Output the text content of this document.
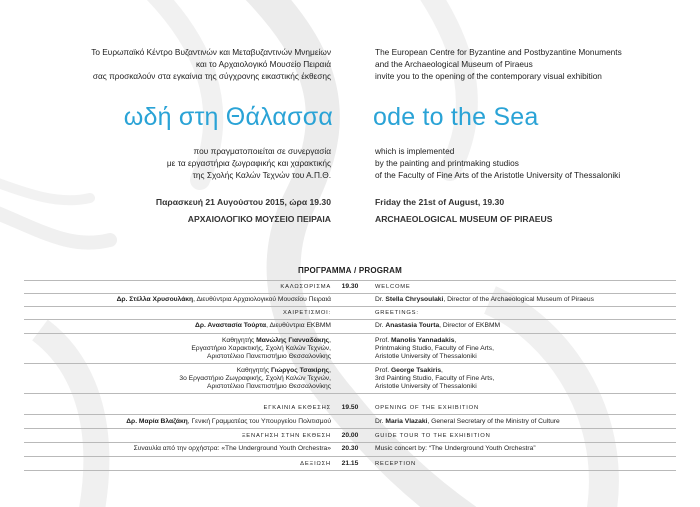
Το Ευρωπαϊκό Κέντρο Βυζαντινών και Μεταβυζαντινών Μνημείων
και το Αρχαιολογικό Μουσείο Πειραιά
σας προσκαλούν στα εγκαίνια της σύγχρονης εικαστικής έκθεσης
The European Centre for Byzantine and Postbyzantine Monuments
and the Archaeological Museum of Piraeus
invite you to the opening of the contemporary visual exhibition
ωδή στη Θάλασσα ode to the Sea
που πραγματοποιείται σε συνεργασία
με τα εργαστήρια ζωγραφικής και χαρακτικής
της Σχολής Καλών Τεχνών του Α.Π.Θ.
which is implemented
by the painting and printmaking studios
of the Faculty of Fine Arts of the Aristotle University of Thessaloniki
Παρασκευή 21 Αυγούστου 2015, ώρα 19.30
ΑΡΧΑΙΟΛΟΓΙΚΟ ΜΟΥΣΕΙΟ ΠΕΙΡΑΙΑ
Friday the 21st of August, 19.30
ARCHAEOLOGICAL MUSEUM OF PIRAEUS
ΠΡΟΓΡΑΜΜΑ / PROGRAM
ΚΑΛΩΣΟΡΙΣΜΑ	19.30	WELCOME
Δρ. Στέλλα Χρυσουλάκη, Διευθύντρια Αρχαιολογικού Μουσείου Πειραιά	Dr. Stella Chrysoulaki, Director of the Archaeological Museum of Piraeus
ΧΑΙΡΕΤΙΣΜΟΙ:	GREETINGS:
Δρ. Αναστασία Τούρτα, Διευθύντρια ΕΚΒΜΜ	Dr. Anastasia Tourta, Director of EKBMM
Καθηγητής Μανώλης Γιανναδάκης,
Εργαστήριο Χαρακτικής, Σχολή Καλών Τεχνών,
Αριστοτέλειο Πανεπιστήμιο Θεσσαλονίκης
Prof. Manolis Yannadakis,
Printmaking Studio, Faculty of Fine Arts,
Aristotle University of Thessaloniki
Καθηγητής Γιώργος Τσακίρης,
3ο Εργαστήριο Ζωγραφικής, Σχολή Καλών Τεχνών,
Αριστοτέλειο Πανεπιστήμιο Θεσσαλονίκης
Prof. George Tsakiris,
3rd Painting Studio, Faculty of Fine Arts,
Aristotle University of Thessaloniki
ΕΓΚΑΙΝΙΑ ΕΚΘΕΣΗΣ	19.50	OPENING OF THE EXHIBITION
Δρ. Μαρία Βλαζάκη, Γενική Γραμματέας του Υπουργείου Πολιτισμού	Dr. Maria Vlazaki, General Secretary of the Ministry of Culture
ΞΕΝΑΓΗΣΗ ΣΤΗΝ ΕΚΘΕΣΗ	20.00	GUIDE TOUR TO THE EXHIBITION
Συναυλία από την ορχήστρα: «The Underground Youth Orchestra»	20.30	Music concert by: “The Underground Youth Orchestra”
ΔΕΞΙΩΣΗ	21.15	RECEPTION
